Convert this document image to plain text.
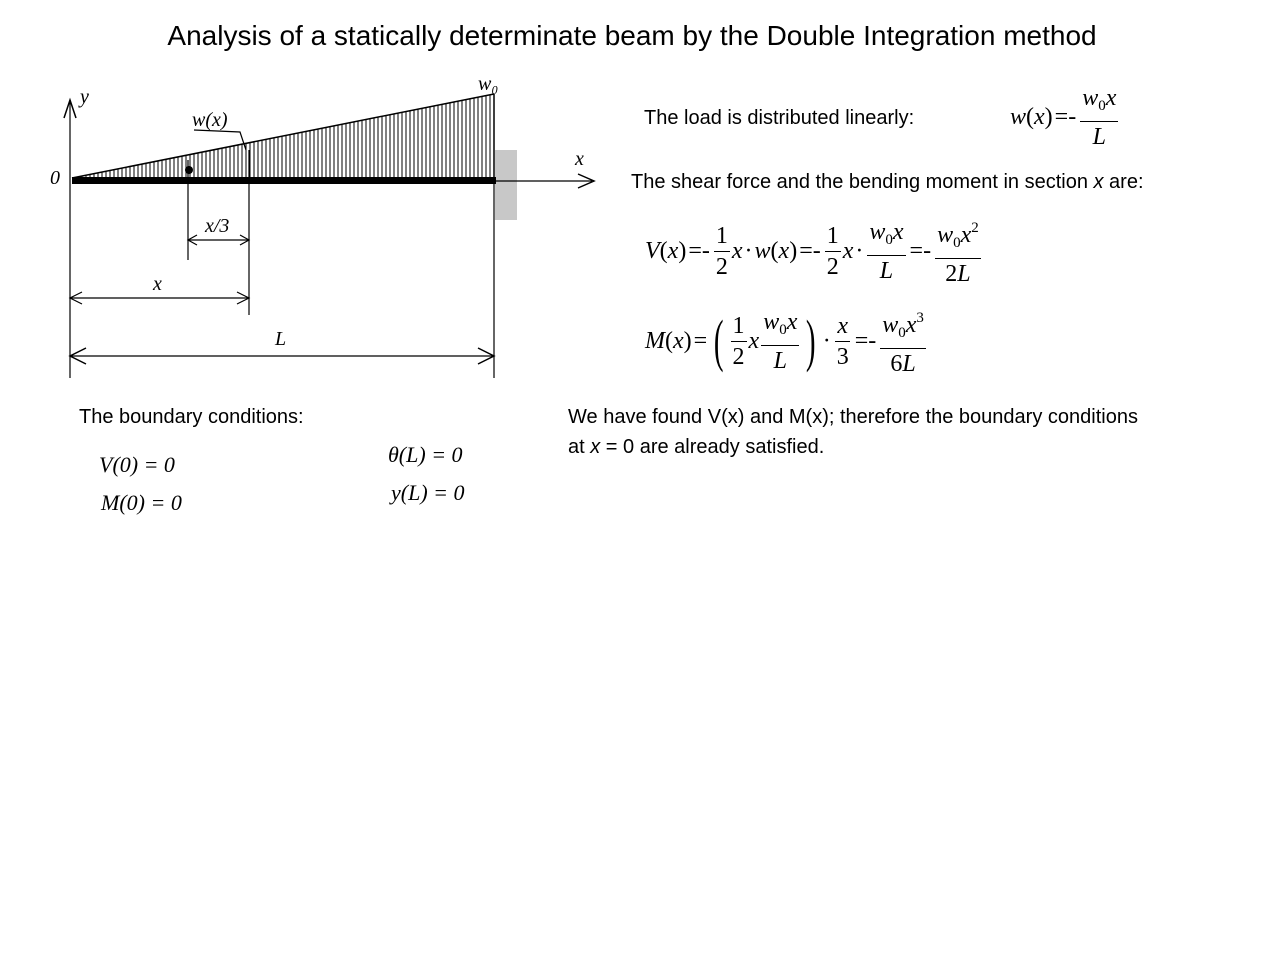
Analysis of a statically determinate beam by the Double Integration method
x
y
0
w₀
w(x)
x/3
x
L
The load is distributed linearly:	w ( x ) =- $\frac{w_0x}{L}$
The shear force and the bending moment in section x are:
V ( x ) =- $\frac{1}{2}$ x · w ( x ) =- $\frac{1}{2}$ $x \cdot \frac{w_0x}{L} =- \frac{w_0x^2}{2L}$
M ( x ) = ( $\frac{1}{2}$ x $\frac{w_0x}{L}$ ) · $\frac{x}{3} =- \frac{w_0x^3}{6L}$
The boundary conditions:
V(0) = 0
M(0) = 0
θ(L) = 0
y(L) = 0
We have found V(x) and M(x); therefore the boundary conditions
at x = 0 are already satisfied.
